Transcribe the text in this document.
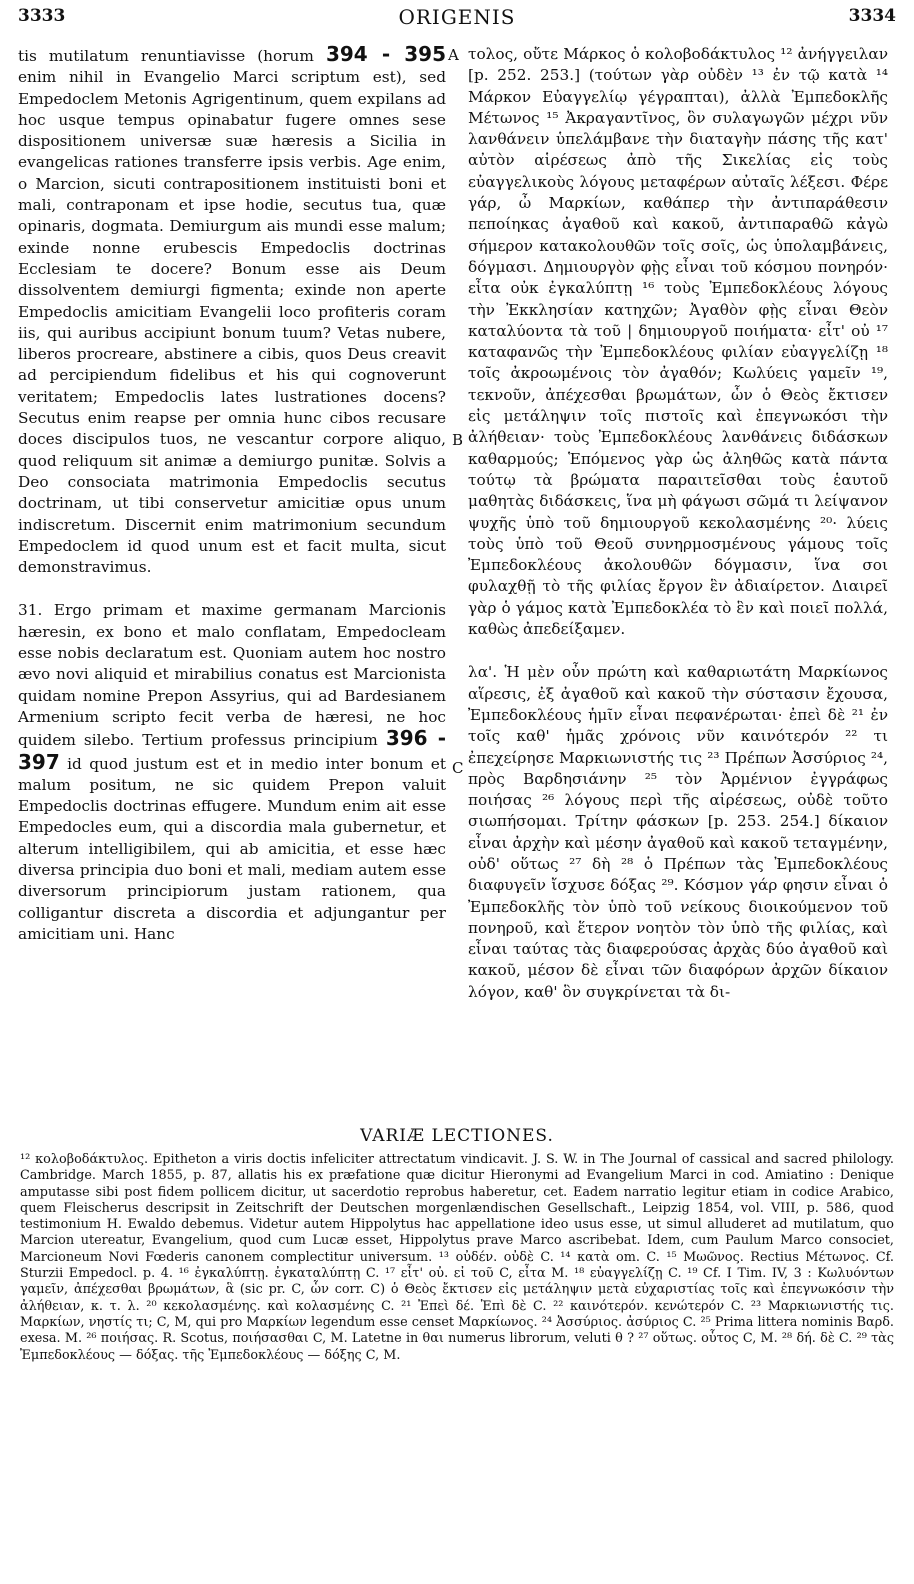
3333	ORIGENIS	3334

tis mutilatum renuntiavisse (horum 394 - 395 enim nihil in Evangelio Marci scriptum est), sed Empedoclem Metonis Agrigentinum, quem expilans ad hoc usque tempus opinabatur fugere omnes sese dispositionem universæ suæ hæresis a Sicilia in evangelicas rationes transferre ipsis verbis. Age enim, o Marcion, sicuti contrapositionem instituisti boni et mali, contraponam et ipse hodie, secutus tua, quæ opinaris, dogmata. Demiurgum ais mundi esse malum; exinde nonne erubescis Empedoclis doctrinas Ecclesiam te docere? Bonum esse ais Deum dissolventem demiurgi figmenta; exinde non aperte Empedoclis amicitiam Evangelii loco profiteris coram iis, qui auribus accipiunt bonum tuum? Vetas nubere, liberos procreare, abstinere a cibis, quos Deus creavit ad percipiendum fidelibus et his qui cognoverunt veritatem; Empedoclis lates lustrationes docens? Secutus enim reapse per omnia hunc cibos recusare doces discipulos tuos, ne vescantur corpore aliquo, quod reliquum sit animæ a demiurgo punitæ. Solvis a Deo consociata matrimonia Empedoclis secutus doctrinam, ut tibi conservetur amicitiæ opus unum indiscretum. Discernit enim matrimonium secundum Empedoclem id quod unum est et facit multa, sicut demonstravimus.

31. Ergo primam et maxime germanam Marcionis hæresin, ex bono et malo conflatam, Empedocleam esse nobis declaratum est. Quoniam autem hoc nostro ævo novi aliquid et mirabilius conatus est Marcionista quidam nomine Prepon Assyrius, qui ad Bardesianem Armenium scripto fecit verba de hæresi, ne hoc quidem silebo. Tertium professus principium 396 - 397 id quod justum est et in medio inter bonum et malum positum, ne sic quidem Prepon valuit Empedoclis doctrinas effugere. Mundum enim ait esse Empedocles eum, qui a discordia mala gubernetur, et alterum intelligibilem, qui ab amicitia, et esse hæc diversa principia duo boni et mali, mediam autem esse diversorum principiorum justam rationem, qua colligantur discreta a discordia et adjungantur per amicitiam uni. Hanc

A
B
C

τολος, οὔτε Μάρκος ὁ κολοβοδάκτυλος ¹² ἀνήγγειλαν [p. 252. 253.] (τούτων γὰρ οὐδὲν ¹³ ἐν τῷ κατὰ ¹⁴ Μάρκον Εὐαγγελίῳ γέγραπται), ἀλλὰ Ἐμπεδοκλῆς Μέτωνος ¹⁵ Ἀκραγαντῖνος, ὃν συλαγωγῶν μέχρι νῦν λανθάνειν ὑπελάμβανε τὴν διαταγὴν πάσης τῆς κατ' αὐτὸν αἱρέσεως ἀπὸ τῆς Σικελίας εἰς τοὺς εὐαγγελικοὺς λόγους μεταφέρων αὐταῖς λέξεσι. Φέρε γάρ, ὦ Μαρκίων, καθάπερ τὴν ἀντιπαράθεσιν πεποίηκας ἀγαθοῦ καὶ κακοῦ, ἀντιπαραθῶ κἀγὼ σήμερον κατακολουθῶν τοῖς σοῖς, ὡς ὑπολαμβάνεις, δόγμασι. Δημιουργὸν φῂς εἶναι τοῦ κόσμου πονηρόν· εἶτα οὐκ ἐγκαλύπτῃ ¹⁶ τοὺς Ἐμπεδοκλέους λόγους τὴν Ἐκκλησίαν κατηχῶν; Ἀγαθὸν φῂς εἶναι Θεὸν καταλύοντα τὰ τοῦ | δημιουργοῦ ποιήματα· εἶτ' οὐ ¹⁷ καταφανῶς τὴν Ἐμπεδοκλέους φιλίαν εὐαγγελίζῃ ¹⁸ τοῖς ἀκροωμένοις τὸν ἀγαθόν; Κωλύεις γαμεῖν ¹⁹, τεκνοῦν, ἀπέχεσθαι βρωμάτων, ὧν ὁ Θεὸς ἔκτισεν εἰς μετάληψιν τοῖς πιστοῖς καὶ ἐπεγνωκόσι τὴν ἀλήθειαν· τοὺς Ἐμπεδοκλέους λανθάνεις διδάσκων καθαρμούς; Ἑπόμενος γὰρ ὡς ἀληθῶς κατὰ πάντα τούτῳ τὰ βρώματα παραιτεῖσθαι τοὺς ἑαυτοῦ μαθητὰς διδάσκεις, ἵνα μὴ φάγωσι σῶμά τι λείψανον ψυχῆς ὑπὸ τοῦ δημιουργοῦ κεκολασμένης ²⁰· λύεις τοὺς ὑπὸ τοῦ Θεοῦ συνηρμοσμένους γάμους τοῖς Ἐμπεδοκλέους ἀκολουθῶν δόγμασιν, ἵνα σοι φυλαχθῇ τὸ τῆς φιλίας ἔργον ἓν ἀδιαίρετον. Διαιρεῖ γὰρ ὁ γάμος κατὰ Ἐμπεδοκλέα τὸ ἓν καὶ ποιεῖ πολλά, καθὼς ἀπεδείξαμεν.

λα'. Ἡ μὲν οὖν πρώτη καὶ καθαριωτάτη Μαρκίωνος αἵρεσις, ἐξ ἀγαθοῦ καὶ κακοῦ τὴν σύστασιν ἔχουσα, Ἐμπεδοκλέους ἡμῖν εἶναι πεφανέρωται· ἐπεὶ δὲ ²¹ ἐν τοῖς καθ' ἡμᾶς χρόνοις νῦν καινότερόν ²² τι ἐπεχείρησε Μαρκιωνιστής τις ²³ Πρέπων Ἀσσύριος ²⁴, πρὸς Βαρδησιάνην ²⁵ τὸν Ἀρμένιον ἐγγράφως ποιήσας ²⁶ λόγους περὶ τῆς αἱρέσεως, οὐδὲ τοῦτο σιωπήσομαι. Τρίτην φάσκων [p. 253. 254.] δίκαιον εἶναι ἀρχὴν καὶ μέσην ἀγαθοῦ καὶ κακοῦ τεταγμένην, οὐδ' οὕτως ²⁷ δὴ ²⁸ ὁ Πρέπων τὰς Ἐμπεδοκλέους διαφυγεῖν ἴσχυσε δόξας ²⁹. Κόσμον γάρ φησιν εἶναι ὁ Ἐμπεδοκλῆς τὸν ὑπὸ τοῦ νείκους διοικούμενον τοῦ πονηροῦ, καὶ ἕτερον νοητὸν τὸν ὑπὸ τῆς φιλίας, καὶ εἶναι ταύτας τὰς διαφερούσας ἀρχὰς δύο ἀγαθοῦ καὶ κακοῦ, μέσον δὲ εἶναι τῶν διαφόρων ἀρχῶν δίκαιον λόγον, καθ' ὃν συγκρίνεται τὰ δι-

VARIÆ LECTIONES.

¹² κολοβοδάκτυλος. Epitheton a viris doctis infeliciter attrectatum vindicavit. J. S. W. in The Journal of cassical and sacred philology. Cambridge. March 1855, p. 87, allatis his ex præfatione quæ dicitur Hieronymi ad Evangelium Marci in cod. Amiatino : Denique amputasse sibi post fidem pollicem dicitur, ut sacerdotio reprobus haberetur, cet. Eadem narratio legitur etiam in codice Arabico, quem Fleischerus descripsit in Zeitschrift der Deutschen morgenlændischen Gesellschaft., Leipzig 1854, vol. VIII, p. 586, quod testimonium H. Ewaldo debemus. Videtur autem Hippolytus hac appellatione ideo usus esse, ut simul alluderet ad mutilatum, quo Marcion utereatur, Evangelium, quod cum Lucæ esset, Hippolytus prave Marco ascribebat. Idem, cum Paulum Marco consociet, Marcioneum Novi Fœderis canonem complectitur universum. ¹³ οὐδέν. οὐδὲ C. ¹⁴ κατὰ om. C. ¹⁵ Μωῶνος. Rectius Μέτωνος. Cf. Sturzii Empedocl. p. 4. ¹⁶ ἐγκαλύπτῃ. ἐγκαταλύπτῃ C. ¹⁷ εἶτ' οὐ. εἰ τοῦ C, εἶτα M. ¹⁸ εὐαγγελίζῃ C. ¹⁹ Cf. I Tim. IV, 3 : Κωλυόντων γαμεῖν, ἀπέχεσθαι βρωμάτων, ἃ (sic pr. C, ὧν corr. C) ὁ Θεὸς ἔκτισεν εἰς μετάληψιν μετὰ εὐχαριστίας τοῖς καὶ ἐπεγνωκόσιν τὴν ἀλήθειαν, κ. τ. λ. ²⁰ κεκολασμένης. καὶ κολασμένης C. ²¹ Ἐπεὶ δέ. Ἐπὶ δὲ C. ²² καινότερόν. κενώτερόν C. ²³ Μαρκιωνιστής τις. Μαρκίων, νηστίς τι; C, M, qui pro Μαρκίων legendum esse censet Μαρκίωνος. ²⁴ Ἀσσύριος. ἀσύριος C. ²⁵ Prima littera nominis Βαρδ. exesa. M. ²⁶ ποιήσας. R. Scotus, ποιήσασθαι C, M. Latetne in θαι numerus librorum, veluti θ ? ²⁷ οὕτως. οὗτος C, M. ²⁸ δή. δὲ C. ²⁹ τὰς Ἐμπεδοκλέους — δόξας. τῆς Ἐμπεδοκλέους — δόξης C, M.
